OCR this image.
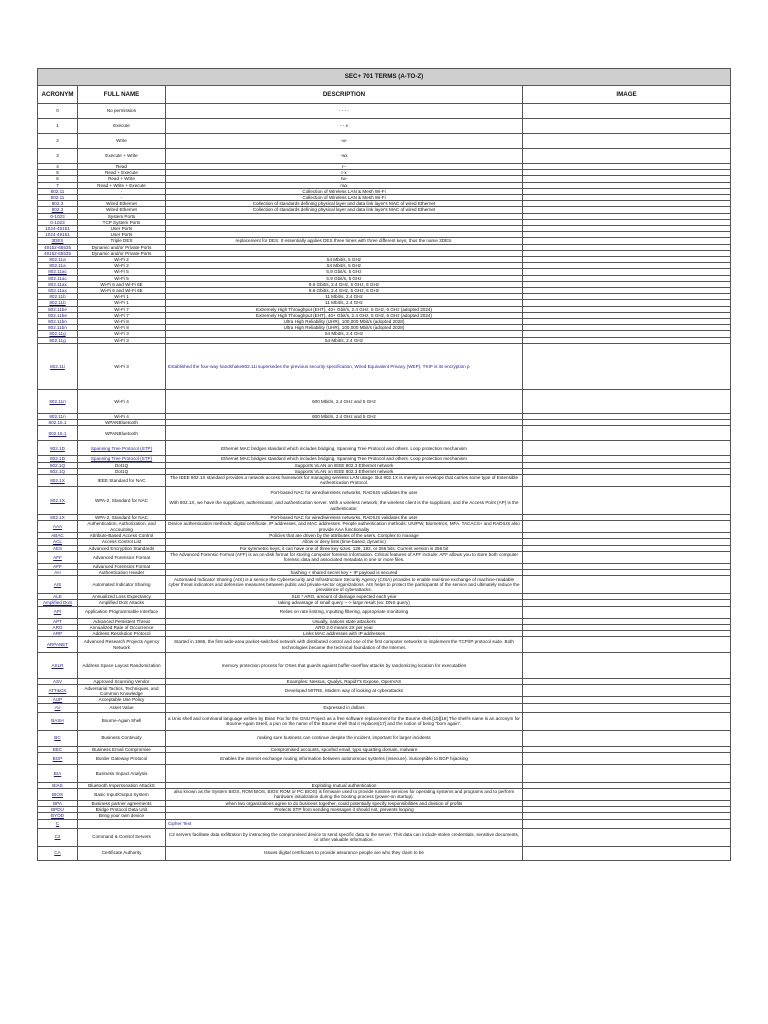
SEC+ 701 TERMS (A-TO-Z)			
ACRONYM	FULL NAME	DESCRIPTION	IMAGE
0	No permission	- - - -	
1	Execute	- - x	
2	Write	-w-	
3	Execute + Write	-wx	
4	Read	r--	
5	Read + Execute	r-x	
6	Read + Write	rw-	
7	Read + Write + Execute	rwx	
802.11	-	Collection of Wireless LAN & Mesh Wi-Fi	
802.11	-	Collection of Wireless LAN & Mesh Wi-Fi	
802.3	Wired Ethernet	Collection of standards defining physical layer and data link layer's MAC of wired Ethernet	
802.3	Wired Ethernet	Collection of standards defining physical layer and data link layer's MAC of wired Ethernet	
0-1023	System Ports		
0-1023	TCP System Ports		
1024-49151	User Ports		
1024-49151	User Ports		
3DES	Triple DES	replacement for DES. It essentially applies DES three times with three different keys, thus the name 3DES.	
49152-65535	Dynamic and/or Private Ports		
49152-65535	Dynamic and/or Private Ports		
802.11a	Wi-Fi 2	54 Mbit/s, 5 GHz	
802.11a	Wi-Fi 2	54 Mbit/s, 5 GHz	
802.11ac	Wi-Fi 5	6.9 Gbit/s, 5 GHz	
802.11ac	Wi-Fi 5	6.9 Gbit/s, 5 GHz	
802.11ax	Wi-Fi 6 and Wi-Fi 6E	9.6 Gbit/s, 2.4 GHz, 5 GHz, 6 GHz	
802.11ax	Wi-Fi 6 and Wi-Fi 6E	9.6 Gbit/s, 2.4 GHz, 5 GHz, 6 GHz	
802.11b	Wi-Fi 1	11 Mbit/s, 2.4 GHz	
802.11b	Wi-Fi 1	11 Mbit/s, 2.4 GHz	
802.11be	Wi-Fi 7	Extremely High Throughput (EHT), 40+ Gbit/s, 2.4 GHz, 5 GHz, 6 GHz (adopted 2024)	
802.11be	Wi-Fi 7	Extremely High Throughput (EHT), 40+ Gbit/s, 2.4 GHz, 5 GHz, 6 GHz (adopted 2024)	
802.11bn	Wi-Fi 8	Ultra High Reliability (UHR), 100,000 Mbit/s (adopted 2028)	
802.11bn	Wi-Fi 8	Ultra High Reliability (UHR), 100,000 Mbit/s (adopted 2028)	
802.11g	Wi-Fi 3	54 Mbit/s, 2.4 GHz	
802.11g	Wi-Fi 3	54 Mbit/s, 2.4 GHz	
802.11i	Wi-Fi 3	Established the four-way handshake802.11i supersedes the previous security specification, Wired Equivalent Privacy (WEP). TKIP is its encryption p	
802.11n	Wi-Fi 4	600 Mbit/s, 2.4 GHz and 5 GHz	
802.11n	Wi-Fi 4	600 Mbit/s, 2.4 GHz and 5 GHz	
802.15.1	WPANBluetooth		
802.15.1	WPANBluetooth		
802.1D	Spanning Tree Protocol (STP)	Ethernet MAC bridges standard which includes bridging, Spanning Tree Protocol and others. Loop protection mechanism	
802.1D	Spanning Tree Protocol (STP)	Ethernet MAC bridges standard which includes bridging, Spanning Tree Protocol and others. Loop protection mechanism	
802.1Q	Dot1Q	Supports VLAN on IEEE 802.3 Ethernet network	
802.1Q	Dot1Q	Supports VLAN on IEEE 802.3 Ethernet network	
802.1X	IEEE Standard for NAC	The IEEE 802.1X standard provides a network access framework for managing wireless LAN usage. But 802.1X is merely an envelope that carries some type of Extensible Authentication Protocol.	
802.1X	WPA-2, Standard for NAC	Port-based NAC for wired/wireless networks, RADIUS validates the user

With 802.1X, we have the supplicant, authenticator, and authentication server. With a wireless network, the wireless client is the supplicant, and the Access Point (AP) is the authenticator.	
802.1X	WPA-2, Standard for NAC	Port-based NAC for wired/wireless networks, RADIUS validates the user	
AAA	Authentication, Authorization, and Accounting	Device authentication methods: digital certificate, IP addresses, and MAC addresses. People authentication methods: UN/PW, Biometrics, MFA. TACACS+ and RADIUS also provide AAA functionality	
ABAC	Attribute-Based Access Control	Policies that are driven by the attributes of the users. Complex to manage	
ACL	Access Control List	Allow or deny lists (time-based, dynamic)	
AES	Advanced Encryption Standards	For symmetric keys, it can have one of three key sizes: 128, 192, or 256 bits. Current version is 256 bit	
AFF	Advanced Forensics Format	The Advanced Forensic Format (AFF) is an on-disk format for storing computer forensic information. Critical features of AFF include: AFF allows you to store both computer forensic data and associated metadata in one or more files.	
AFF	Advanced Forensics Format		
AH	Authentication Header	hashing + shared secret key + IP payload is secured	
AIS	Automated Indicator Sharing	Automated Indicator Sharing (AIS) is a service the Cybersecurity and Infrastructure Security Agency (CISA) provides to enable real-time exchange of machine-readable cyber threat indicators and defensive measures between public and private-sector organizations. AIS helps to protect the participants of the service and ultimately reduce the prevalence of cyberattacks.	
ALE	Annualized Loss Expectancy	SLE * ARO, amount of damage expected each year	
Amplified DoS	Amplified DoS Attacks	taking advantage of small query ---> large result (ex: DNS query)	
API	Application Programmable Interface	Relies on rate limiting, inputting filtering, appropriate monitoring	
APT	Advanced Persistent Threat	Usually, nations state attackers	
ARO	Annualized Rate of Occurrence	ARO 2.0 means 2X per year	
ARP	Address Resolution Protocol	Links MAC addresses with IP addresses	
ARPANET	Advanced Research Projects Agency Network	Started in 1966, the first wide-area packet-switched network with distributed control and one of the first computer networks to implement the TCP/IP protocol suite. Both technologies became the technical foundation of the Internet.	
ASLR	Address Space Layout Randomization	memory protection process for OSes that guards against buffer-overflow attacks by randomizing location for executables	
ASV	Approved Scanning Vendor	Examples: Nessus, Qualys, Rapid7's Expose, OpenVAS	
ATT&CK	Adversarial Tactics, Techniques, and Common Knowledge	Developed MITRE, Modern way of looking at cyberattacks	
AUP	Acceptable Use Policy		
AV	Asset Value	Expressed in dollars	
BASH	Bourne-Again Shell	a Unix shell and command language written by Brian Fox for the GNU Project as a free software replacement for the Bourne shell.[15][16] The shell's name is an acronym for Bourne-Again SHell, a pun on the name of the Bourne shell that it replaces[17] and the notion of being "born again".	
BC	Business Continuity	making sure business can continue despite the incident, important for larger incidents	
BEC	Business Email Compromise	Compromised accounts, spoofed email, typo squatting domain, malware	
BGP	Border Gateway Protocol	Enables the internet exchange routing information between autonomous systems (insecure). Susceptible to BGP hijacking	
BIA	Business Impact Analysis		
BIAS	Bluetooth Impersonation AttackS	Exploiting mutual authentication	
BIOS	Basic Input/Output System	also known as the System BIOS, ROM BIOS, BIOS ROM or PC BIOS) is firmware used to provide runtime services for operating systems and programs and to perform hardware initialization during the booting process (power-on startup).	
BPA	Business partner agreements	when two organizations agree to do business together, could potentially specify responsibilities and division of profits	
BPDU	Bridge Protocol Data Unit	Protects STP from sending messages it should not, prevents looping	
BYOD	Bring your own device		
C		Cipher Text	
C2	Command & Control Servers	C2 servers facilitate data exfiltration by instructing the compromised device to send specific data to the server. This data can include stolen credentials, sensitive documents, or other valuable information.	
CA	Certificate Authority	Issues digital certificates to provide assurance people are who they claim to be	
